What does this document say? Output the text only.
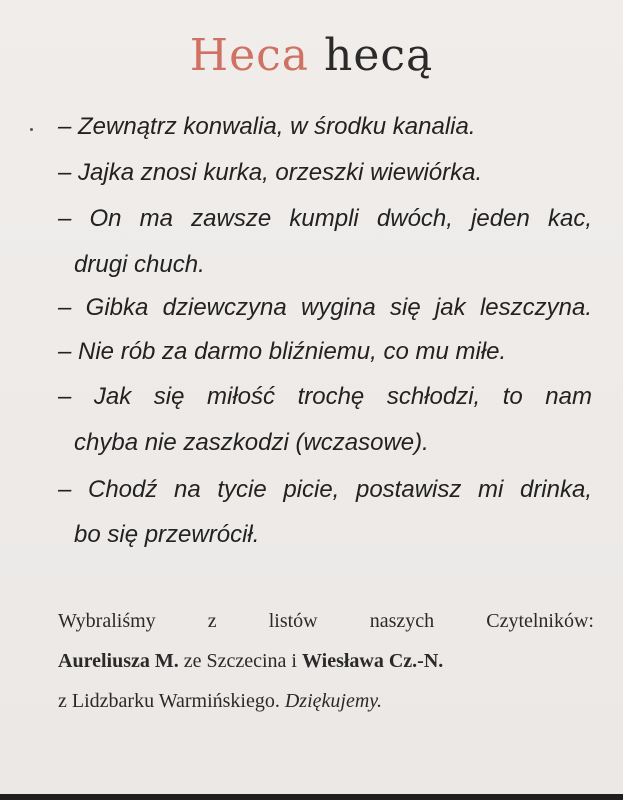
Heca hecą
– Zewnątrz konwalia, w środku kanalia.
– Jajka znosi kurka, orzeszki wiewiórka.
– On ma zawsze kumpli dwóch, jeden kac,
drugi chuch.
– Gibka dziewczyna wygina się jak leszczyna.
– Nie rób za darmo bliźniemu, co mu miłe.
– Jak się miłość trochę schłodzi, to nam
chyba nie zaszkodzi (wczasowe).
– Chodź na tycie picie, postawisz mi drinka,
bo się przewrócił.
Wybraliśmy z listów naszych Czytelników:
Aureliusza M. ze Szczecina i Wiesława Cz.-N.
z Lidzbarku Warmińskiego. Dziękujemy.
